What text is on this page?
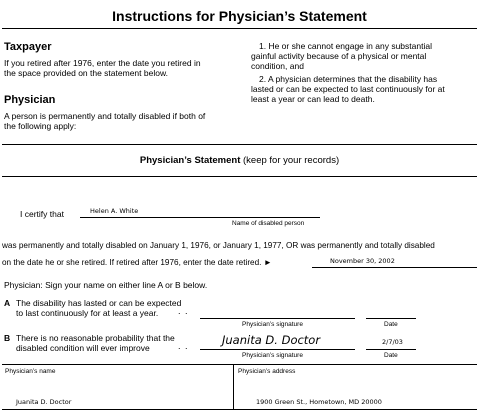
Instructions for Physician’s Statement
Taxpayer
If you retired after 1976, enter the date you retired in
the space provided on the statement below.
Physician
A person is permanently and totally disabled if both of
the following apply:
1. He or she cannot engage in any substantial
gainful activity because of a physical or mental
condition, and
2. A physician determines that the disability has
lasted or can be expected to last continuously for at
least a year or can lead to death.
Physician’s Statement (keep for your records)
I certify that	Helen A. White
Name of disabled person
was permanently and totally disabled on January 1, 1976, or January 1, 1977, OR was permanently and totally disabled
on the date he or she retired. If retired after 1976, enter the date retired. ►	November 30, 2002
Physician: Sign your name on either line A or B below.
A The disability has lasted or can be expected
to last continuously for at least a year. . .
Physician’s signature	Date
B There is no reasonable probability that the
disabled condition will ever improve	. .	Juanita D. Doctor	2/7/03
Physician’s signature	Date
Physician’s name
Juanita D. Doctor
Physician’s address
1900 Green St., Hometown, MD 20000
